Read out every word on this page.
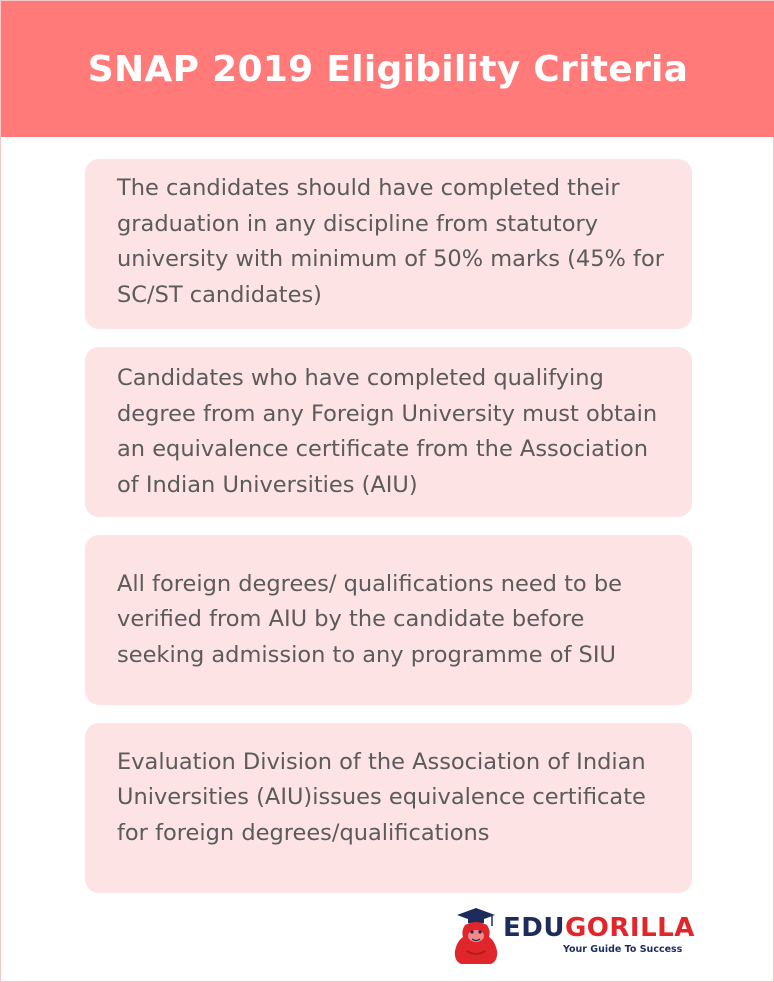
SNAP 2019 Eligibility Criteria

The candidates should have completed their graduation in any discipline from statutory university with minimum of 50% marks (45% for SC/ST candidates)

Candidates who have completed qualifying degree from any Foreign University must obtain an equivalence certificate from the Association of Indian Universities (AIU)

All foreign degrees/ qualifications need to be verified from AIU by the candidate before seeking admission to any programme of SIU

Evaluation Division of the Association of Indian Universities (AIU)issues equivalence certificate for foreign degrees/qualifications

EDUGORILLA
Your Guide To Success
